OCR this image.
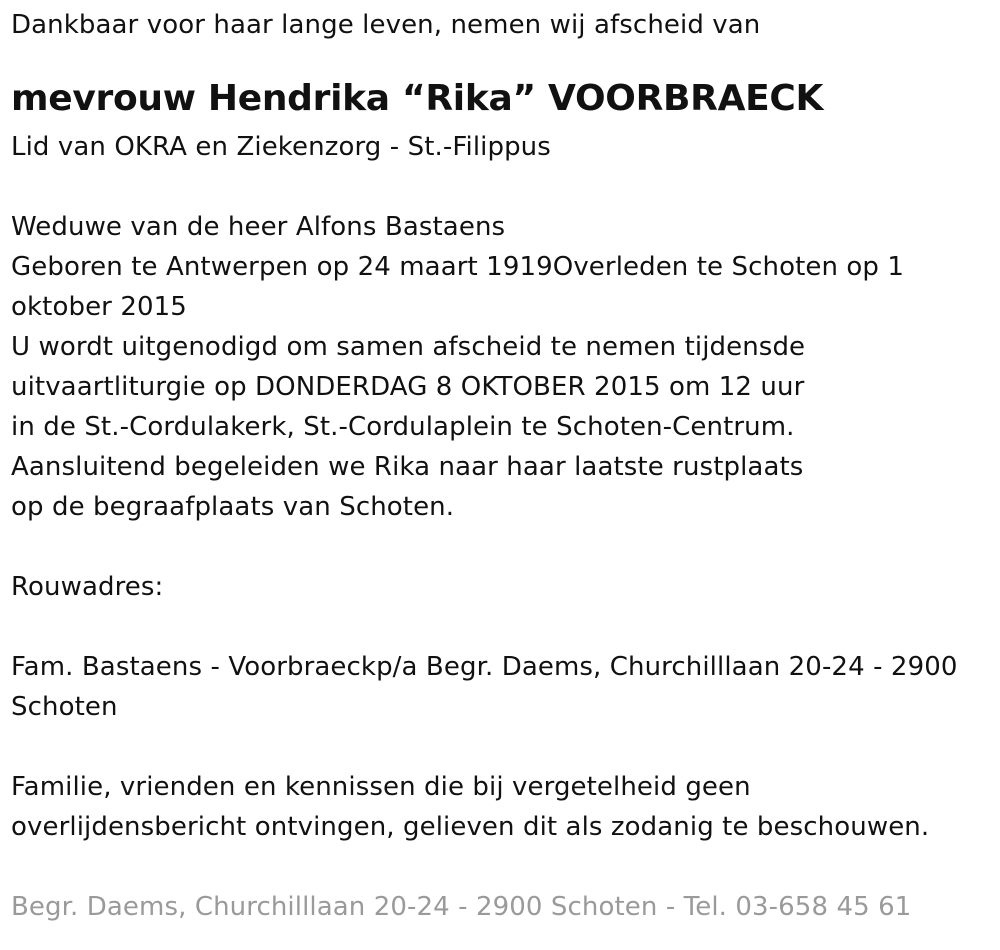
Dankbaar voor haar lange leven, nemen wij afscheid van
mevrouw Hendrika “Rika” VOORBRAECK
Lid van OKRA en Ziekenzorg - St.-Filippus
Weduwe van de heer Alfons Bastaens
Geboren te Antwerpen op 24 maart 1919Overleden te Schoten op 1
oktober 2015
U wordt uitgenodigd om samen afscheid te nemen tijdensde
uitvaartliturgie op DONDERDAG 8 OKTOBER 2015 om 12 uur
in de St.-Cordulakerk, St.-Cordulaplein te Schoten-Centrum.
Aansluitend begeleiden we Rika naar haar laatste rustplaats
op de begraafplaats van Schoten.
Rouwadres:
Fam. Bastaens - Voorbraeckp/a Begr. Daems, Churchilllaan 20-24 - 2900
Schoten
Familie, vrienden en kennissen die bij vergetelheid geen
overlijdensbericht ontvingen, gelieven dit als zodanig te beschouwen.
Begr. Daems, Churchilllaan 20-24 - 2900 Schoten - Tel. 03-658 45 61
